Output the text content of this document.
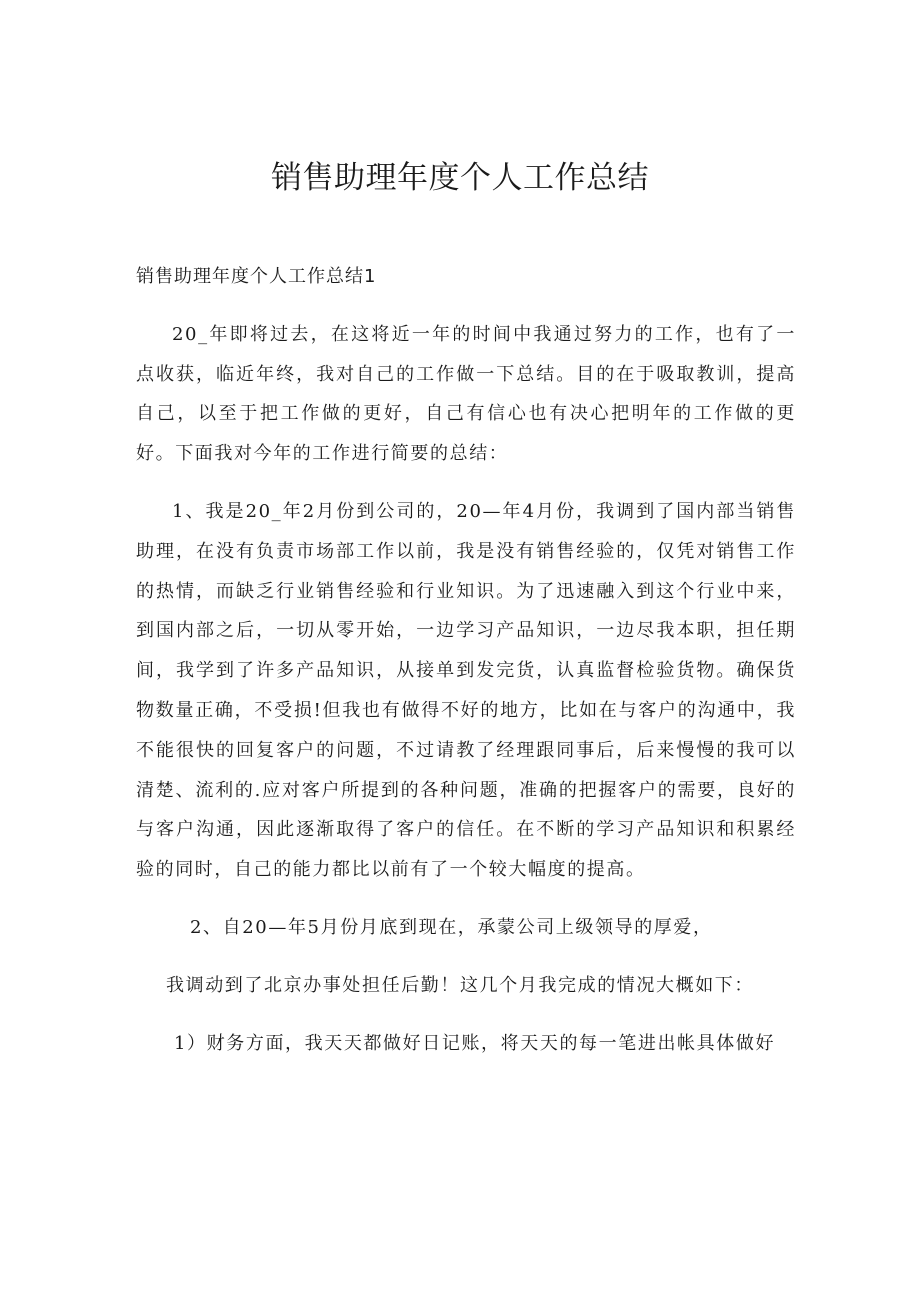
销售助理年度个人工作总结

销售助理年度个人工作总结1

20_年即将过去，在这将近一年的时间中我通过努力的工作，也有了一点收获，临近年终，我对自己的工作做一下总结。目的在于吸取教训，提高自己，以至于把工作做的更好，自己有信心也有决心把明年的工作做的更好。下面我对今年的工作进行简要的总结：

1、我是20_年2月份到公司的，20—年4月份，我调到了国内部当销售助理，在没有负责市场部工作以前，我是没有销售经验的，仅凭对销售工作的热情，而缺乏行业销售经验和行业知识。为了迅速融入到这个行业中来，到国内部之后，一切从零开始，一边学习产品知识，一边尽我本职，担任期间，我学到了许多产品知识，从接单到发完货，认真监督检验货物。确保货物数量正确，不受损!但我也有做得不好的地方，比如在与客户的沟通中，我不能很快的回复客户的问题，不过请教了经理跟同事后，后来慢慢的我可以清楚、流利的.应对客户所提到的各种问题，准确的把握客户的需要，良好的与客户沟通，因此逐渐取得了客户的信任。在不断的学习产品知识和积累经验的同时，自己的能力都比以前有了一个较大幅度的提高。

2、自20—年5月份月底到现在，承蒙公司上级领导的厚爱，

我调动到了北京办事处担任后勤！这几个月我完成的情况大概如下：

1）财务方面，我天天都做好日记账，将天天的每一笔进出帐具体做好
